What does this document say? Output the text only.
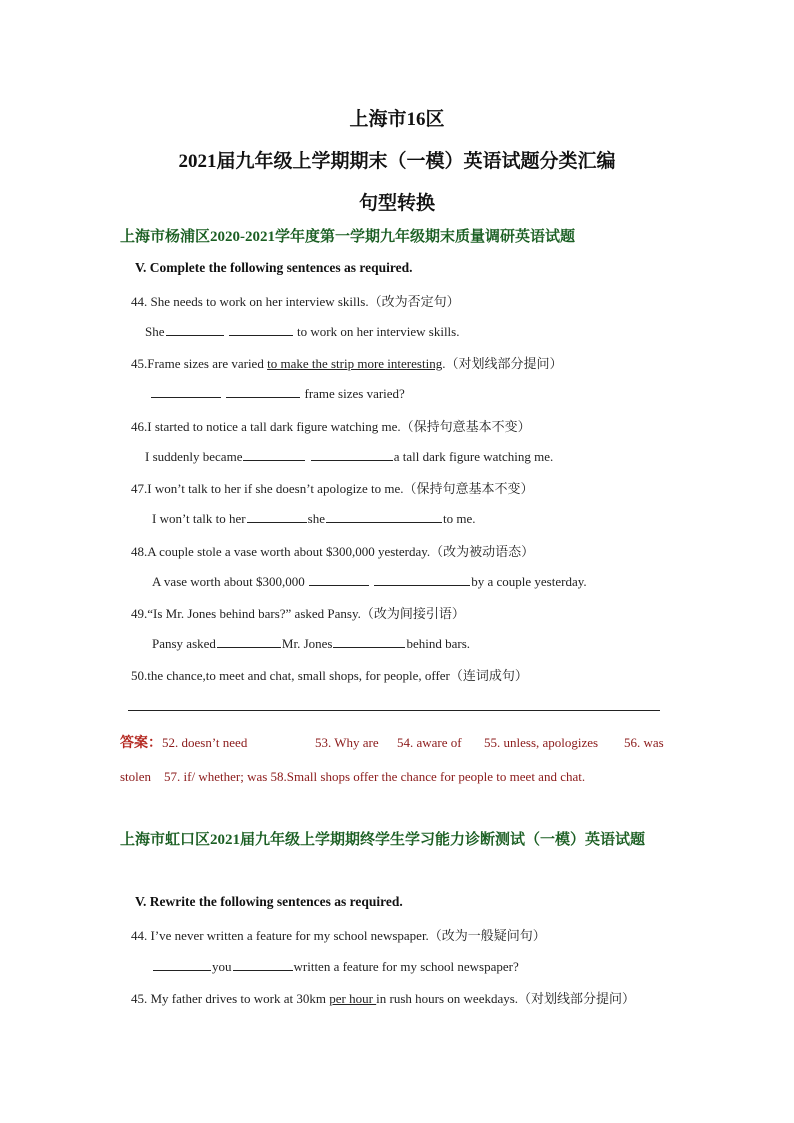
上海市16区
2021届九年级上学期期末（一模）英语试题分类汇编
句型转换
上海市杨浦区2020-2021学年度第一学期九年级期末质量调研英语试题
V. Complete the following sentences as required.
44. She needs to work on her interview skills.（改为否定句）
She	to work on her interview skills.
45.Frame sizes are varied to make the strip more interesting.（对划线部分提问）
frame sizes varied?
46.I started to notice a tall dark figure watching me.（保持句意基本不变）
I suddenly became	a tall dark figure watching me.
47.I won’t talk to her if she doesn’t apologize to me.（保持句意基本不变）
I won’t talk to her	she	to me.
48.A couple stole a vase worth about $300,000 yesterday.（改为被动语态）
A vase worth about $300,000	by a couple yesterday.
49.“Is Mr. Jones behind bars?” asked Pansy.（改为间接引语）
Pansy asked	Mr. Jones	behind bars.
50.the chance,to meet and chat, small shops, for people, offer（连词成句）
答案：52. doesn’t need	53. Why are 54. aware of 55. unless, apologizes 56. was
stolen    57. if/ whether; was 58.Small shops offer the chance for people to meet and chat.
上海市虹口区2021届九年级上学期期终学生学习能力诊断测试（一模）英语试题
V. Rewrite the following sentences as required.
44. I’ve never written a feature for my school newspaper.（改为一般疑问句）
you	written a feature for my school newspaper?
45. My father drives to work at 30km per hour in rush hours on weekdays.（对划线部分提问）
